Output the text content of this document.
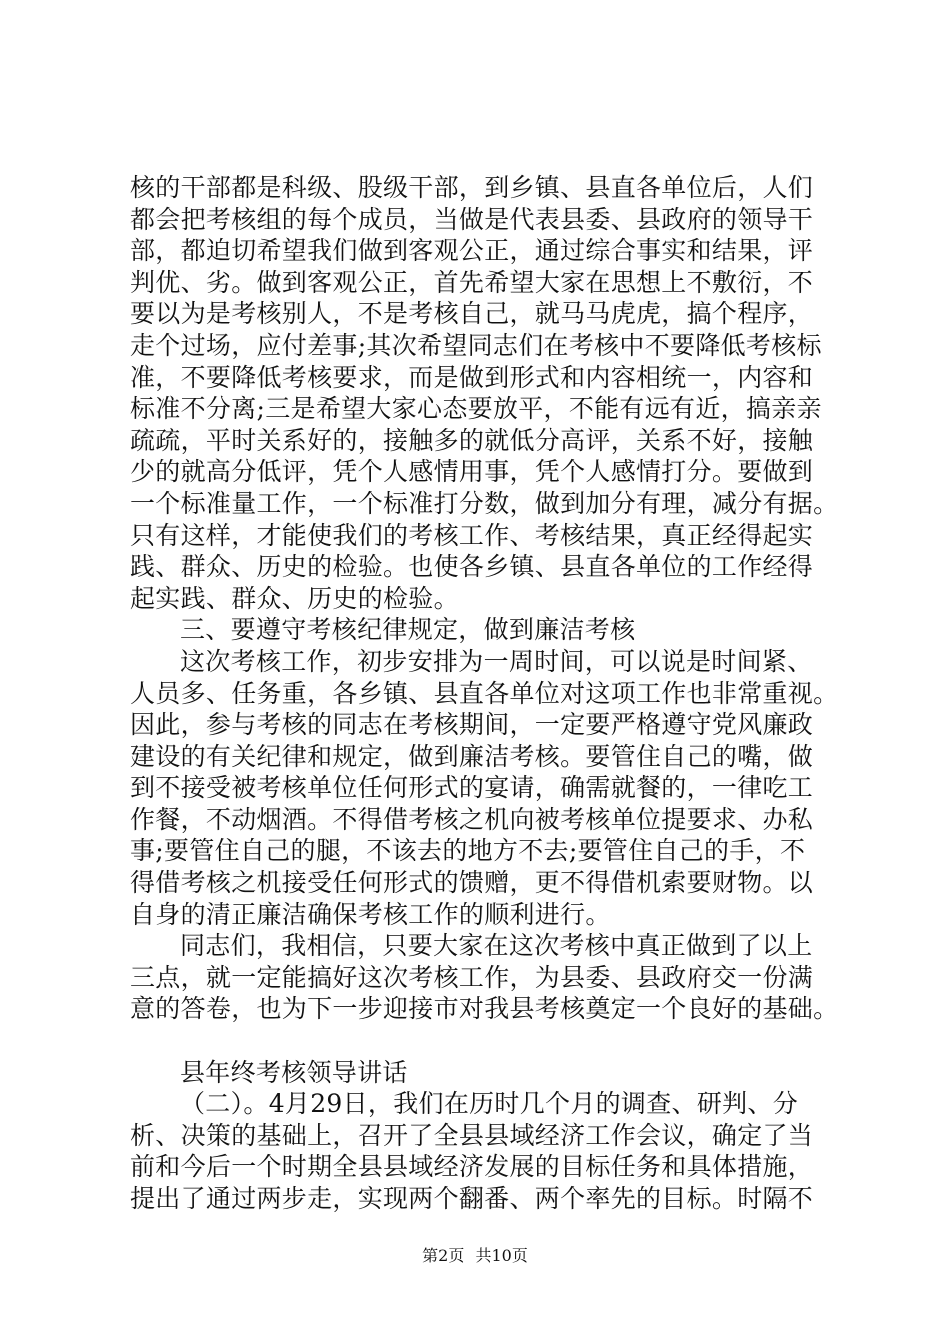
核的干部都是科级、股级干部，到乡镇、县直各单位后，人们
都会把考核组的每个成员，当做是代表县委、县政府的领导干
部，都迫切希望我们做到客观公正，通过综合事实和结果，评
判优、劣。做到客观公正，首先希望大家在思想上不敷衍，不
要以为是考核别人，不是考核自己，就马马虎虎，搞个程序，
走个过场，应付差事;其次希望同志们在考核中不要降低考核标
准，不要降低考核要求，而是做到形式和内容相统一，内容和
标准不分离;三是希望大家心态要放平，不能有远有近，搞亲亲
疏疏，平时关系好的，接触多的就低分高评，关系不好，接触
少的就高分低评，凭个人感情用事，凭个人感情打分。要做到
一个标准量工作，一个标准打分数，做到加分有理，减分有据。
只有这样，才能使我们的考核工作、考核结果，真正经得起实
践、群众、历史的检验。也使各乡镇、县直各单位的工作经得
起实践、群众、历史的检验。
三、要遵守考核纪律规定，做到廉洁考核
这次考核工作，初步安排为一周时间，可以说是时间紧、
人员多、任务重，各乡镇、县直各单位对这项工作也非常重视。
因此，参与考核的同志在考核期间，一定要严格遵守党风廉政
建设的有关纪律和规定，做到廉洁考核。要管住自己的嘴，做
到不接受被考核单位任何形式的宴请，确需就餐的，一律吃工
作餐，不动烟酒。不得借考核之机向被考核单位提要求、办私
事;要管住自己的腿，不该去的地方不去;要管住自己的手，不
得借考核之机接受任何形式的馈赠，更不得借机索要财物。以
自身的清正廉洁确保考核工作的顺利进行。
同志们，我相信，只要大家在这次考核中真正做到了以上
三点，就一定能搞好这次考核工作，为县委、县政府交一份满
意的答卷，也为下一步迎接市对我县考核奠定一个良好的基础。
县年终考核领导讲话
（二）。4月29日，我们在历时几个月的调查、研判、分
析、决策的基础上，召开了全县县域经济工作会议，确定了当
前和今后一个时期全县县域经济发展的目标任务和具体措施，
提出了通过两步走，实现两个翻番、两个率先的目标。时隔不
第2页 共10页
